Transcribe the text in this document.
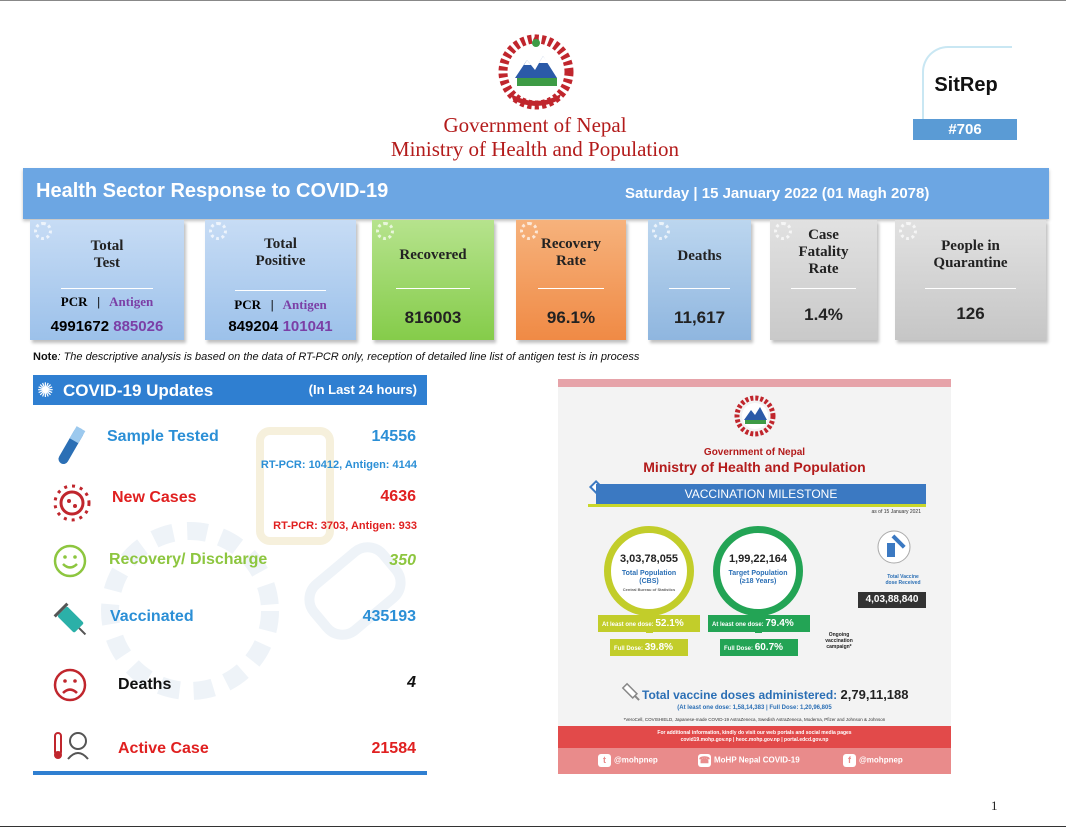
Government of Nepal
Ministry of Health and Population
SitRep
#706
Health Sector Response to COVID-19	Saturday | 15 January 2022 (01 Magh 2078)
Total
Test
PCR | Antigen
4991672 885026
Total
Positive
PCR | Antigen
849204 101041
Recovered
816003
Recovery
Rate
96.1%
Deaths
11,617
Case
Fatality
Rate
1.4%
People in
Quarantine
126
Note: The descriptive analysis is based on the data of RT-PCR only, reception of detailed line list of antigen test is in process
✺ COVID-19 Updates	(In Last 24 hours)
Sample Tested	14556
RT-PCR: 10412, Antigen: 4144
New Cases	4636
RT-PCR: 3703, Antigen: 933
Recovery/ Discharge	350
Vaccinated	435193
Deaths	4
Active Case	21584
Government of Nepal
Ministry of Health and Population
VACCINATION MILESTONE
as of 15 January 2021
3,03,78,055
Total Population
(CBS)
Central Bureau of Statistics
At least one dose: 52.1%
Full Dose: 39.8%
1,99,22,164
Target Population
(≥18 Years)
At least one dose: 79.4%
Full Dose: 60.7%
Total Vaccine
dose Received
4,03,88,840
Ongoing
vaccination
campaign*
Total vaccine doses administered: 2,79,11,188
(At least one dose: 1,58,14,383 | Full Dose: 1,20,96,805
*VeroCell, COVISHIELD, Japanese-made COVID-19 AstraZeneca, Swedish AstraZeneca, Moderna, Pfizer and Johnson & Johnson
For additional information, kindly do visit our web portals and social media pages
covid19.mohp.gov.np | heoc.mohp.gov.np | portal.edcd.gov.np
t @mohpnep	☎ MoHP Nepal COVID-19	f @mohpnep
1
